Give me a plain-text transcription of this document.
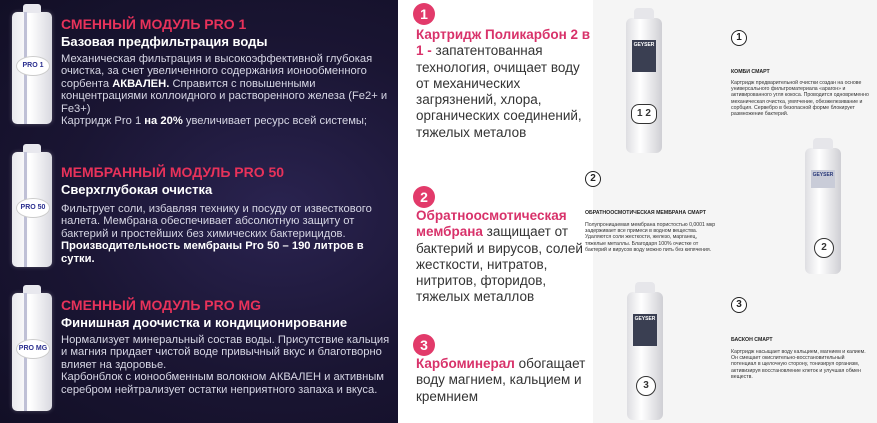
PRO 1
PRO 50
PRO MG
СМЕННЫЙ МОДУЛЬ PRO 1
Базовая предфильтрация воды
Механическая фильтрация и высокоэффективной глубокая очистка, за счет увеличенного содержания ионообменного сорбента АКВАЛЕН. Справится с повышенными концентрациями коллоидного и растворенного железа (Fe2+ и Fe3+)
Картридж Pro 1 на 20% увеличивает ресурс всей системы;
МЕМБРАННЫЙ МОДУЛЬ PRO 50
Сверхглубокая очистка
Фильтрует соли, избавляя технику и посуду от известкового налета. Мембрана обеспечивает абсолютную защиту от бактерий и простейших без химических бактерицидов.
Производительность мембраны Pro 50 – 190 литров в сутки.
СМЕННЫЙ МОДУЛЬ PRO MG
Финишная доочистка и кондиционирование
Нормализует минеральный состав воды. Присутствие кальция и магния придает чистой воде привычный вкус и благотворно влияет на здоровье.
Карбонблок с ионообменным волокном АКВАЛЕН и активным серебром нейтрализует остатки неприятного запаха и вкуса.
1
Картридж Поликарбон 2 в 1 - запатентованная технология, очищает воду от механических загрязнений, хлора, органических соединений, тяжелых металов
2
Обратноосмотическая мембрана защищает от бактерий и вирусов, солей жесткости, нитратов, нитритов, фторидов, тяжелых металлов
3
Карбоминерал обогащает воду магнием, кальцием и кремнием
GEYSER
1 2
GEYSER
2
GEYSER
3
1
КОМБИ СМАРТ
Картридж предварительной очистки создан на основе универсального фильтроматериала «арагон» и активированного угля кокоса. Проводится одновременно механическая очистка, умягчение, обезжелезивание и сорбция. Сервебро в безопасной форме блокирует размножение бактерий.
2
ОБРАТНООСМОТИЧЕСКАЯ МЕМБРАНА СМАРТ
Полупроницаемая мембрана пористостью 0,0001 мкр задерживает все примеси в водном вещества. Удаляются соли жесткости, железо, марганец, тяжелые металлы. Благодаря 100% очистке от бактерий и вирусов воду можно пить без кипячения.
3
БАСКОН СМАРТ
Картридж насыщает воду кальцием, магнием и калием. Он смещает окислительно-восстановительный потенциал в щелочную сторону, тонизируя организм, активизируя восстановление клеток и улучшая обмен веществ.
